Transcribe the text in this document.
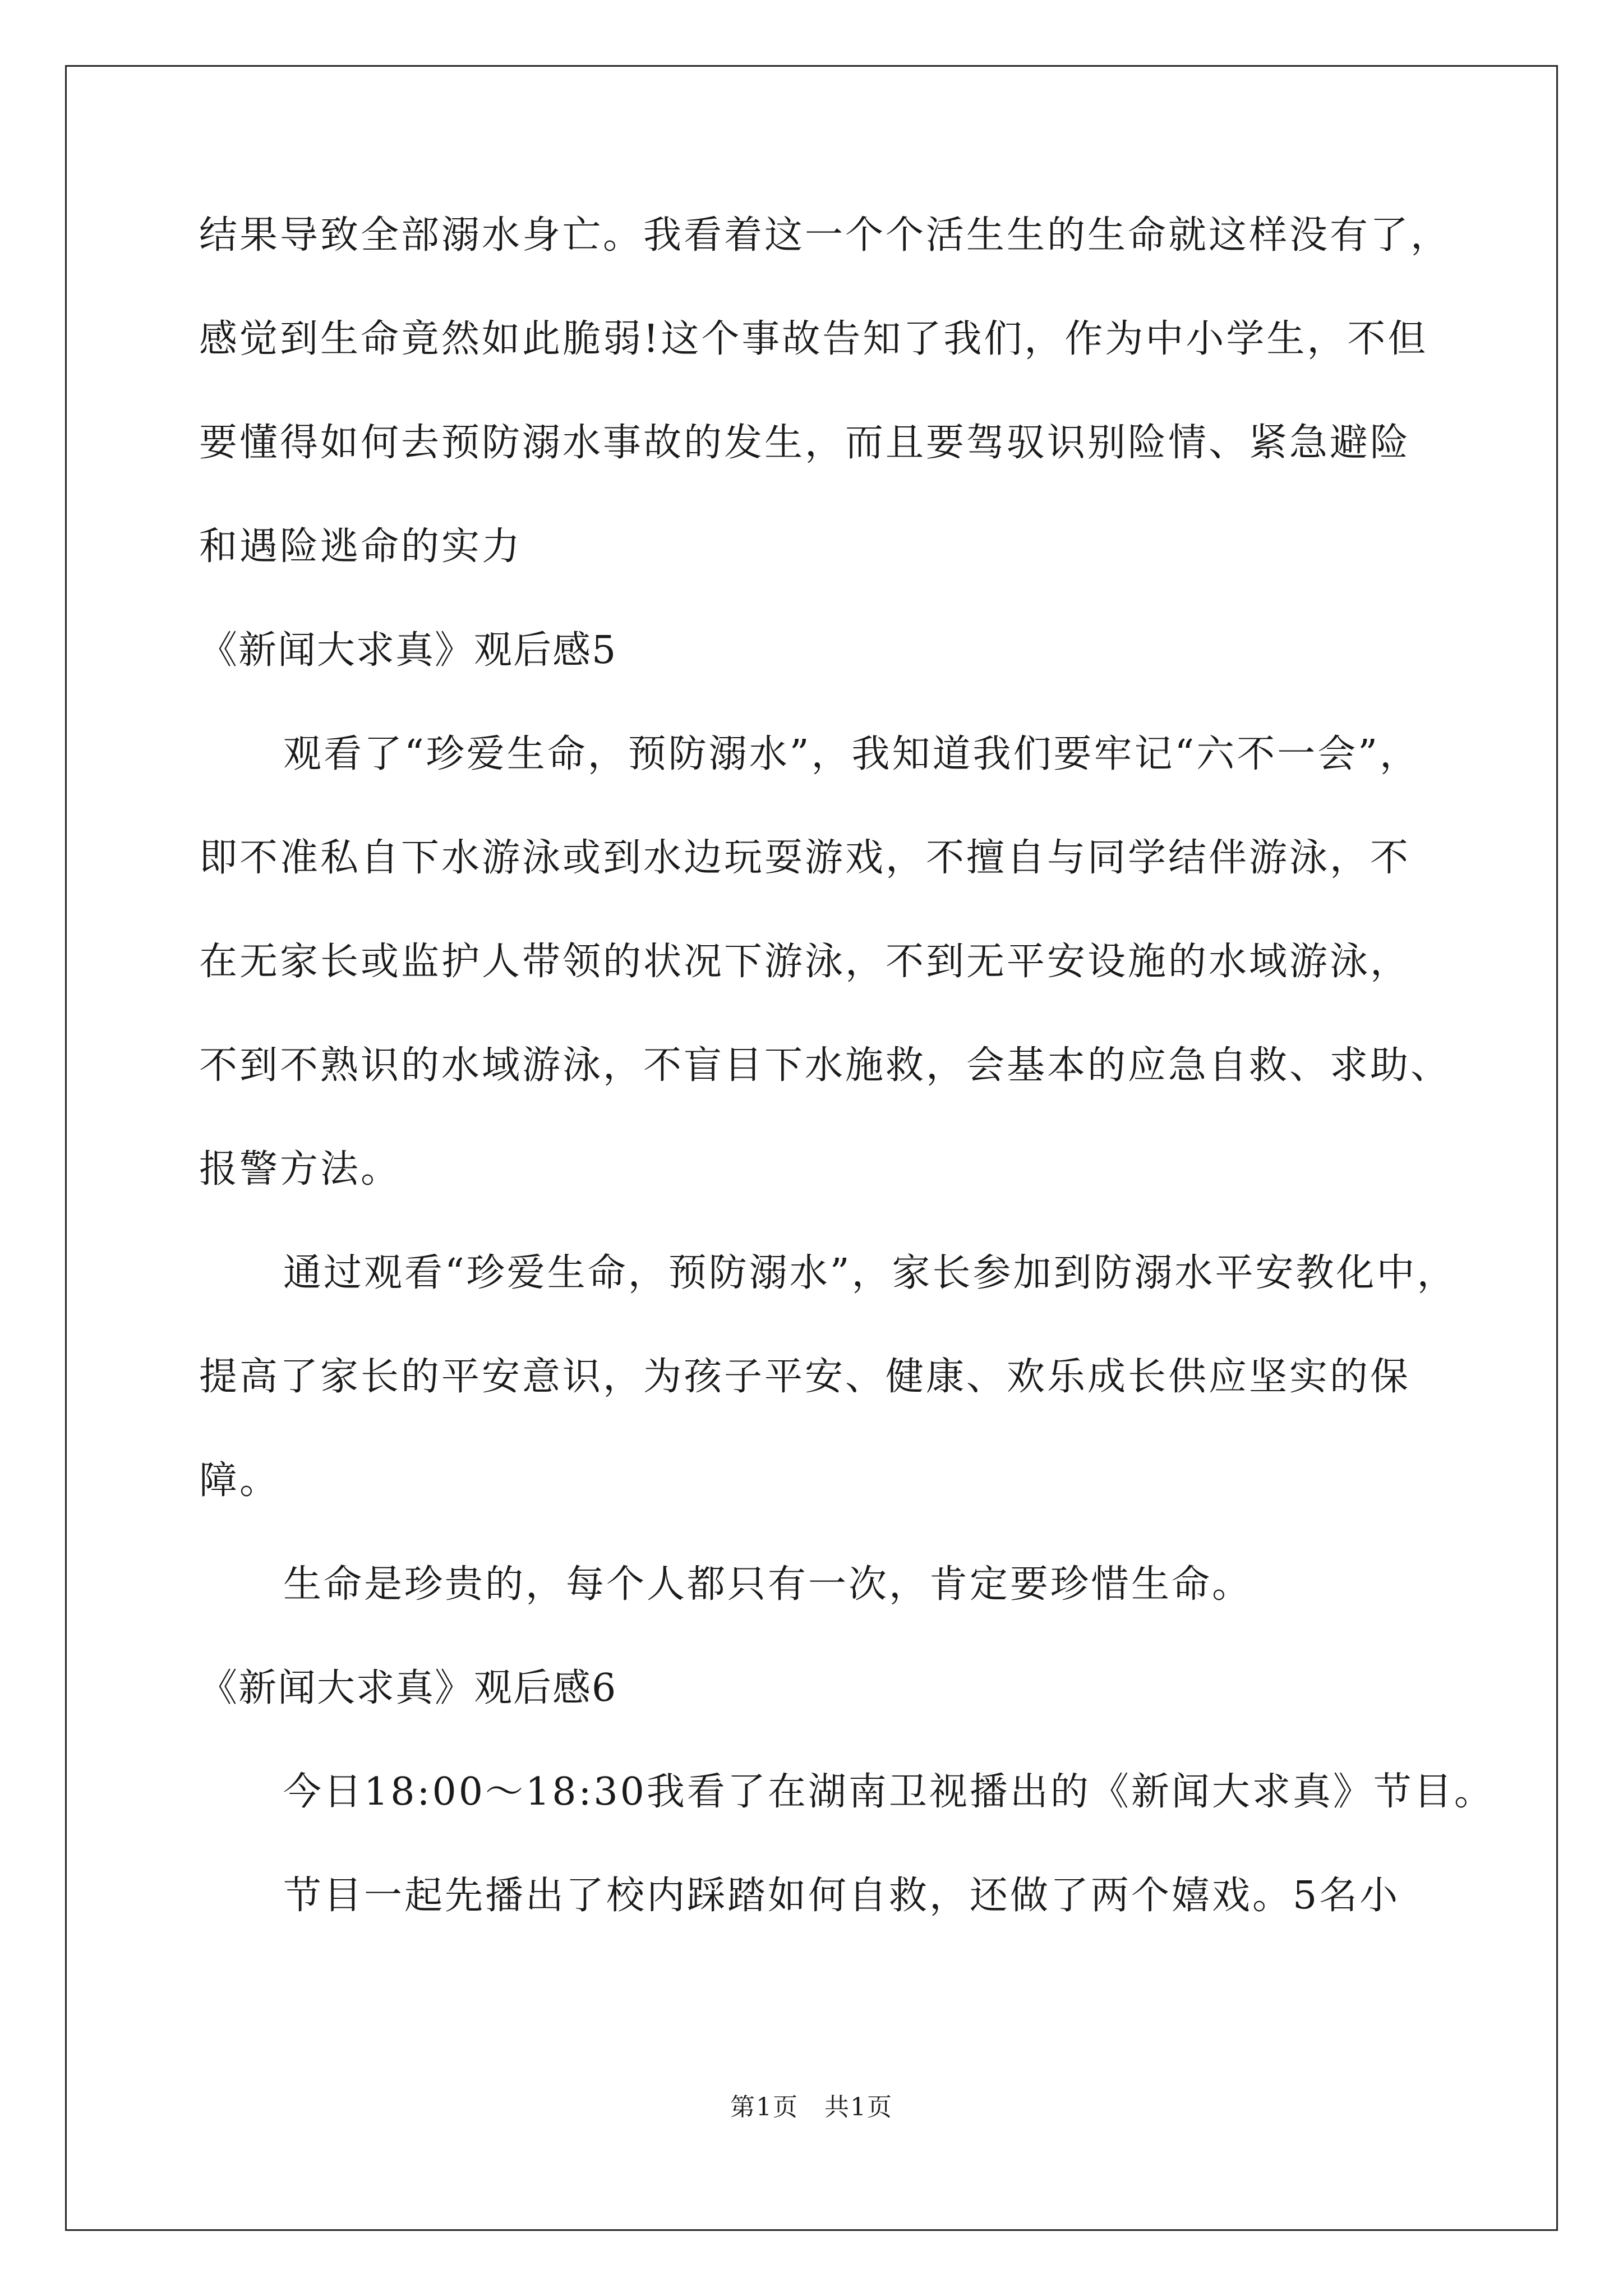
结果导致全部溺水身亡。我看着这一个个活生生的生命就这样没有了，
感觉到生命竟然如此脆弱!这个事故告知了我们，作为中小学生，不但
要懂得如何去预防溺水事故的发生，而且要驾驭识别险情、紧急避险
和遇险逃命的实力
《新闻大求真》观后感5
观看了“珍爱生命，预防溺水”，我知道我们要牢记“六不一会”，
即不准私自下水游泳或到水边玩耍游戏，不擅自与同学结伴游泳，不
在无家长或监护人带领的状况下游泳，不到无平安设施的水域游泳，
不到不熟识的水域游泳，不盲目下水施救，会基本的应急自救、求助、
报警方法。
通过观看“珍爱生命，预防溺水”，家长参加到防溺水平安教化中，
提高了家长的平安意识，为孩子平安、健康、欢乐成长供应坚实的保
障。
生命是珍贵的，每个人都只有一次，肯定要珍惜生命。
《新闻大求真》观后感6
今日18:00～18:30我看了在湖南卫视播出的《新闻大求真》节目。
节目一起先播出了校内踩踏如何自救，还做了两个嬉戏。5名小
第1页　共1页
